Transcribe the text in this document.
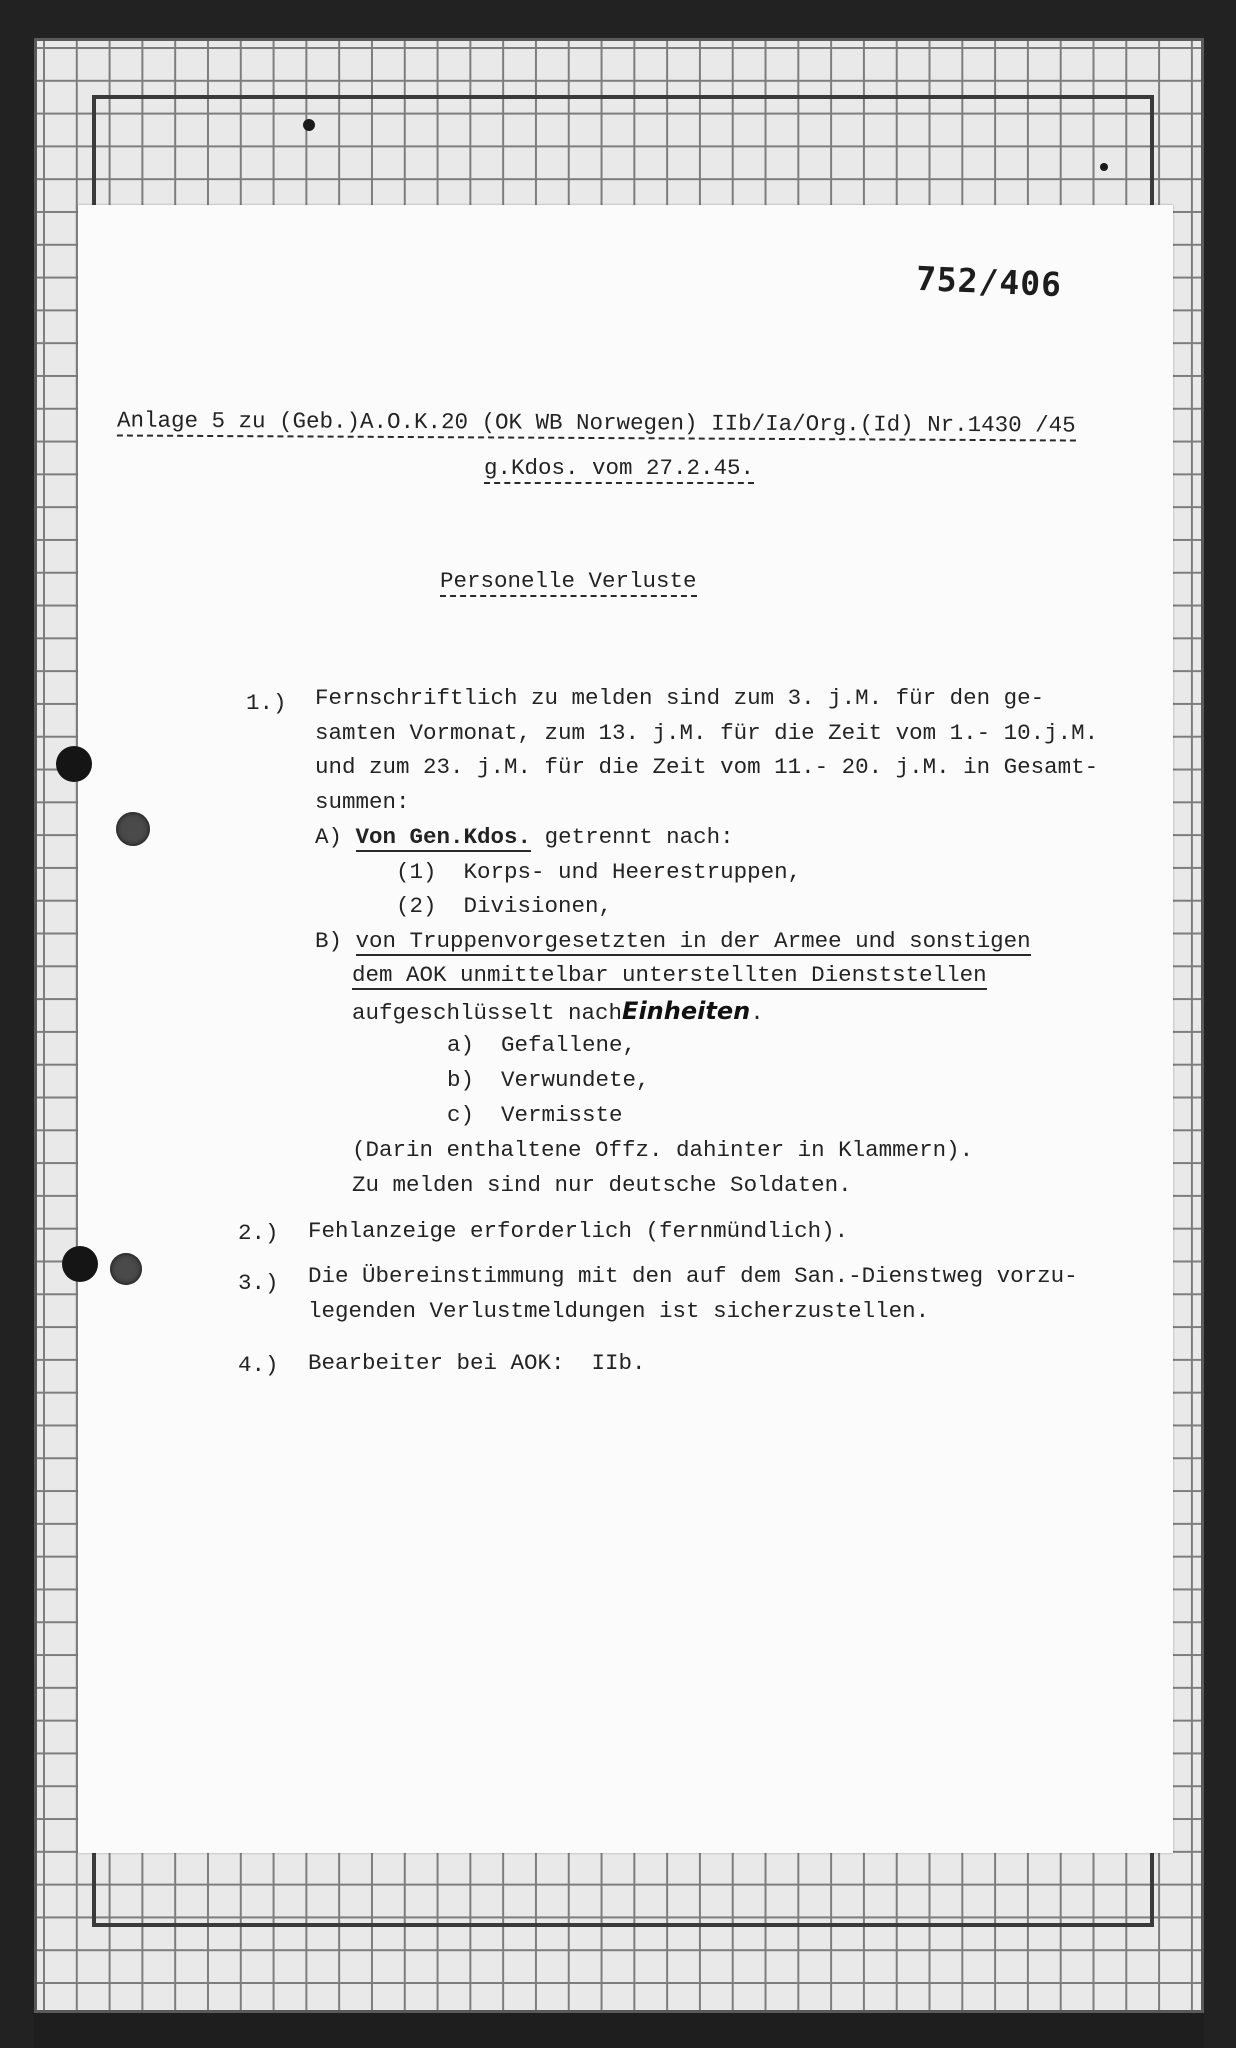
752/406
Anlage 5 zu (Geb.)A.O.K.20 (OK WB Norwegen) IIb/Ia/Org.(Id) Nr.1430 /45
g.Kdos. vom 27.2.45.
Personelle Verluste
1.) Fernschriftlich zu melden sind zum 3. j.M. für den ge-
samten Vormonat, zum 13. j.M. für die Zeit vom 1.- 10.j.M.
und zum 23. j.M. für die Zeit vom 11.- 20. j.M. in Gesamt-
summen:
A) Von Gen.Kdos. getrennt nach:
(1) Korps- und Heerestruppen,
(2) Divisionen,
B) von Truppenvorgesetzten in der Armee und sonstigen
dem AOK unmittelbar unterstellten Dienststellen
aufgeschlüsselt nachEinheiten.
a) Gefallene,
b) Verwundete,
c) Vermisste
(Darin enthaltene Offz. dahinter in Klammern).
Zu melden sind nur deutsche Soldaten.
2.) Fehlanzeige erforderlich (fernmündlich).
3.) Die Übereinstimmung mit den auf dem San.-Dienstweg vorzu-
legenden Verlustmeldungen ist sicherzustellen.
4.) Bearbeiter bei AOK:  IIb.
